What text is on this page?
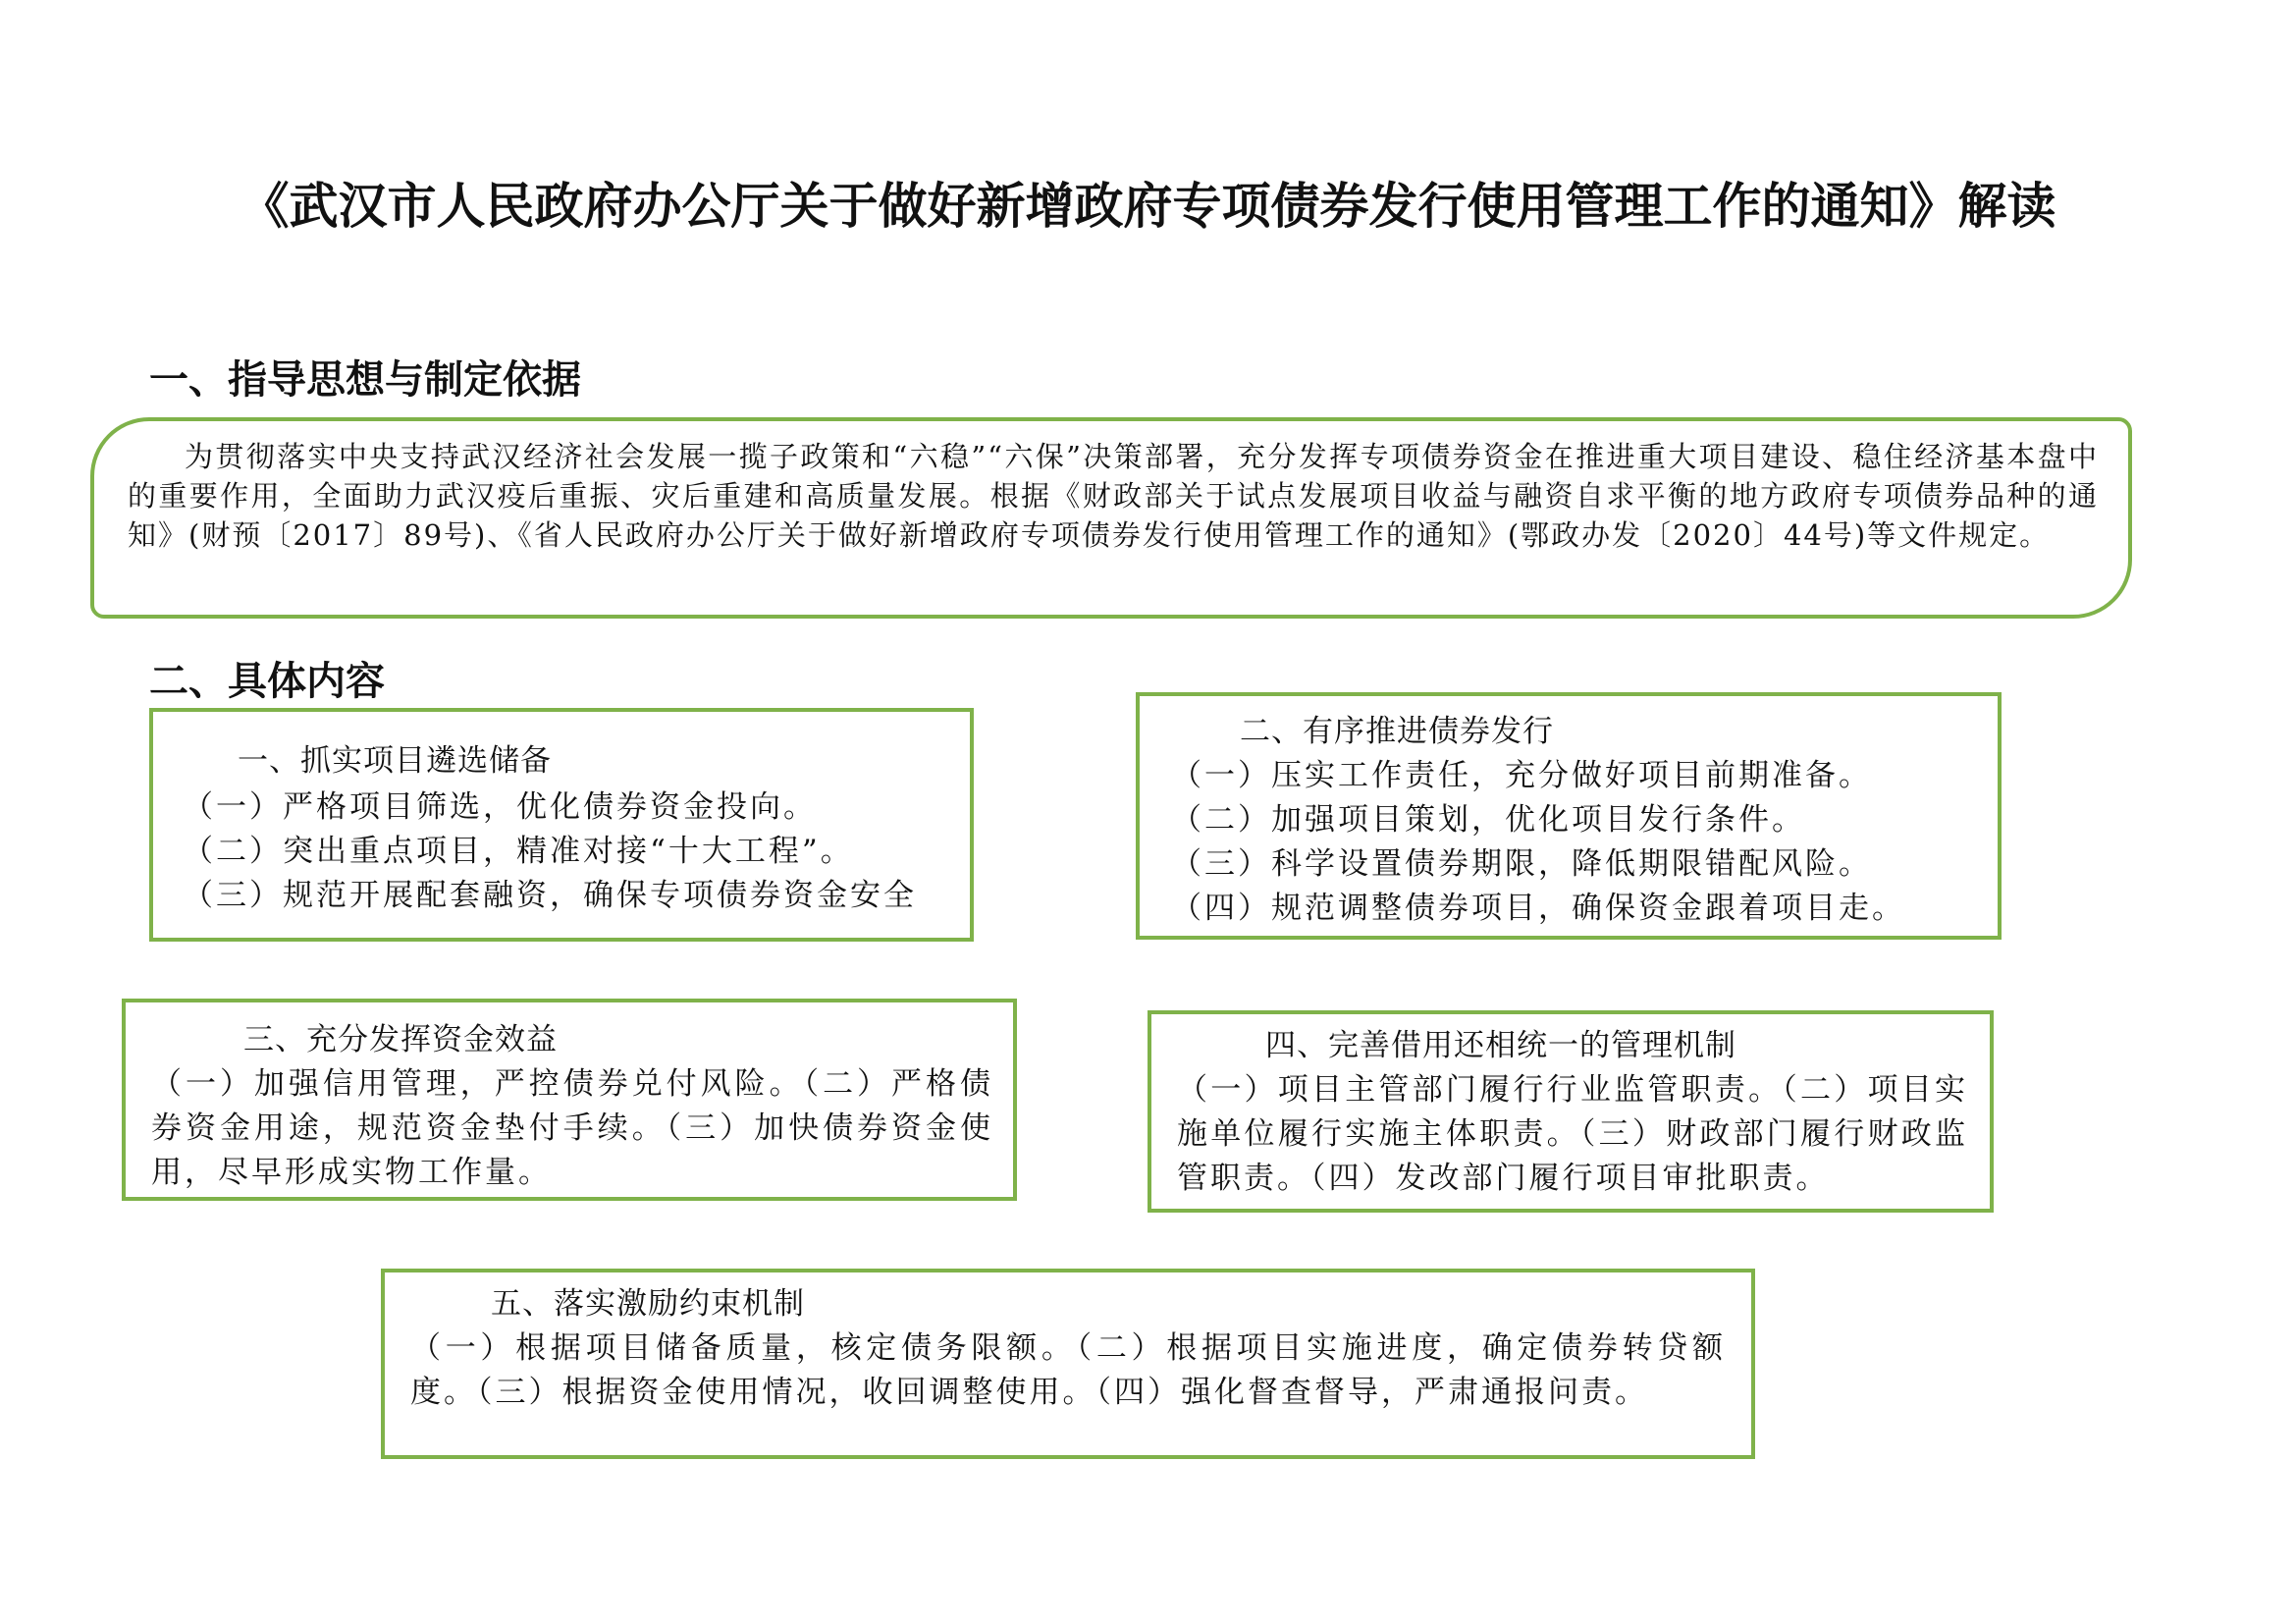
《武汉市人民政府办公厅关于做好新增政府专项债券发行使用管理工作的通知》解读
一、指导思想与制定依据

为贯彻落实中央支持武汉经济社会发展一揽子政策和“六稳”“六保”决策部署，充分发挥专项债券资金在推进重大项目建设、稳住经济基本盘中的重要作用，全面助力武汉疫后重振、灾后重建和高质量发展。根据《财政部关于试点发展项目收益与融资自求平衡的地方政府专项债券品种的通知》(财预〔2017〕89号)、《省人民政府办公厅关于做好新增政府专项债券发行使用管理工作的通知》(鄂政办发〔2020〕44号)等文件规定。

二、具体内容
一、抓实项目遴选储备
（一）严格项目筛选，优化债券资金投向。
（二）突出重点项目，精准对接“十大工程”。
（三）规范开展配套融资，确保专项债券资金安全
二、有序推进债券发行
（一）压实工作责任，充分做好项目前期准备。
（二）加强项目策划，优化项目发行条件。
（三）科学设置债券期限，降低期限错配风险。
（四）规范调整债券项目，确保资金跟着项目走。
三、充分发挥资金效益
（一）加强信用管理，严控债券兑付风险。（二）严格债券资金用途，规范资金垫付手续。（三）加快债券资金使用，尽早形成实物工作量。
四、完善借用还相统一的管理机制
（一）项目主管部门履行行业监管职责。（二）项目实施单位履行实施主体职责。（三）财政部门履行财政监管职责。（四）发改部门履行项目审批职责。
五、落实激励约束机制
（一）根据项目储备质量，核定债务限额。（二）根据项目实施进度，确定债券转贷额度。（三）根据资金使用情况，收回调整使用。（四）强化督查督导，严肃通报问责。
